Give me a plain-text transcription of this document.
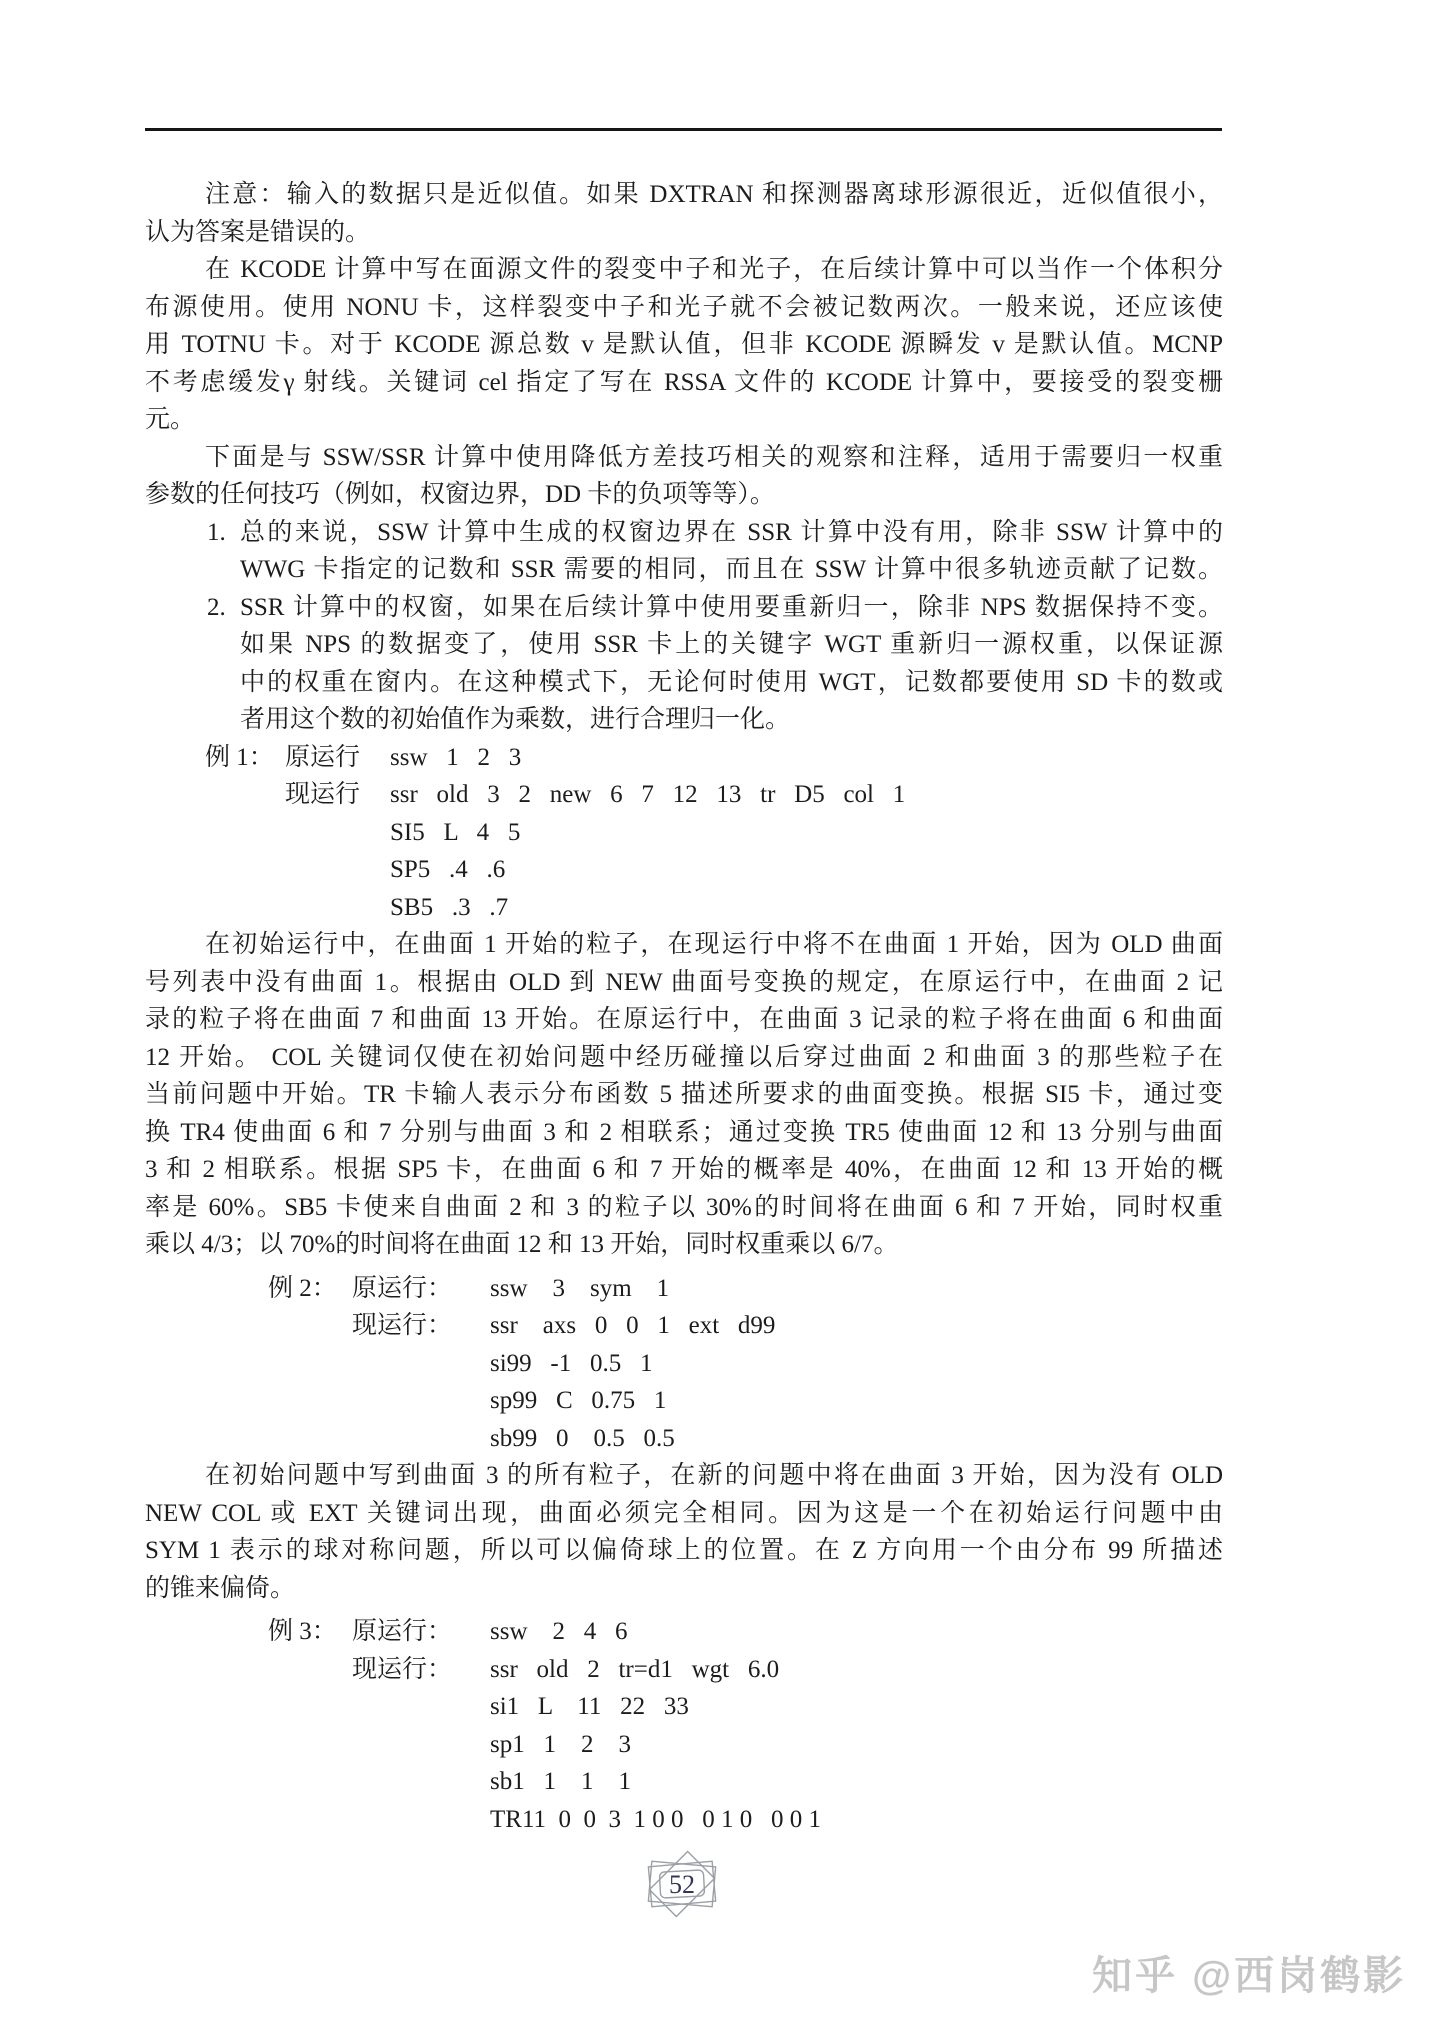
注意：输入的数据只是近似值。如果 DXTRAN 和探测器离球形源很近，近似值很小，
认为答案是错误的。
在 KCODE 计算中写在面源文件的裂变中子和光子，在后续计算中可以当作一个体积分
布源使用。使用 NONU 卡，这样裂变中子和光子就不会被记数两次。一般来说，还应该使
用 TOTNU 卡。对于 KCODE 源总数 v 是默认值，但非 KCODE 源瞬发 v 是默认值。MCNP
不考虑缓发γ 射线。关键词 cel 指定了写在 RSSA 文件的 KCODE 计算中，要接受的裂变栅
元。
下面是与 SSW/SSR 计算中使用降低方差技巧相关的观察和注释，适用于需要归一权重
参数的任何技巧（例如，权窗边界，DD 卡的负项等等）。
1. 总的来说，SSW 计算中生成的权窗边界在 SSR 计算中没有用，除非 SSW 计算中的
WWG 卡指定的记数和 SSR 需要的相同，而且在 SSW 计算中很多轨迹贡献了记数。
2. SSR 计算中的权窗，如果在后续计算中使用要重新归一，除非 NPS 数据保持不变。
如果 NPS 的数据变了，使用 SSR 卡上的关键字 WGT 重新归一源权重，以保证源
中的权重在窗内。在这种模式下，无论何时使用 WGT，记数都要使用 SD 卡的数或
者用这个数的初始值作为乘数，进行合理归一化。
例 1： 原运行	ssw   1   2   3
现运行	ssr   old   3   2   new   6   7   12   13   tr   D5   col   1
SI5   L   4   5
SP5   .4   .6
SB5   .3   .7
在初始运行中，在曲面 1 开始的粒子，在现运行中将不在曲面 1 开始，因为 OLD 曲面
号列表中没有曲面 1。根据由 OLD 到 NEW 曲面号变换的规定，在原运行中，在曲面 2 记
录的粒子将在曲面 7 和曲面 13 开始。在原运行中，在曲面 3 记录的粒子将在曲面 6 和曲面
12 开始。 COL 关键词仅使在初始问题中经历碰撞以后穿过曲面 2 和曲面 3 的那些粒子在
当前问题中开始。TR 卡输人表示分布函数 5 描述所要求的曲面变换。根据 SI5 卡，通过变
换 TR4 使曲面 6 和 7 分别与曲面 3 和 2 相联系；通过变换 TR5 使曲面 12 和 13 分别与曲面
3 和 2 相联系。根据 SP5 卡，在曲面 6 和 7 开始的概率是 40%，在曲面 12 和 13 开始的概
率是 60%。SB5 卡使来自曲面 2 和 3 的粒子以 30%的时间将在曲面 6 和 7 开始，同时权重
乘以 4/3；以 70%的时间将在曲面 12 和 13 开始，同时权重乘以 6/7。
例 2： 原运行：	ssw    3    sym    1
现运行：	ssr    axs   0   0   1   ext   d99
si99   -1   0.5   1
sp99   C   0.75   1
sb99   0    0.5   0.5
在初始问题中写到曲面 3 的所有粒子，在新的问题中将在曲面 3 开始，因为没有 OLD
NEW COL 或 EXT 关键词出现，曲面必须完全相同。因为这是一个在初始运行问题中由
SYM 1 表示的球对称问题，所以可以偏倚球上的位置。在 Z 方向用一个由分布 99 所描述
的锥来偏倚。
例 3： 原运行：	ssw    2   4   6
现运行：	ssr   old   2   tr=d1   wgt   6.0
si1   L    11   22   33
sp1   1    2    3
sb1   1    1    1
TR11  0  0  3  1 0 0   0 1 0   0 0 1
52
知乎 @西岗鹤影
